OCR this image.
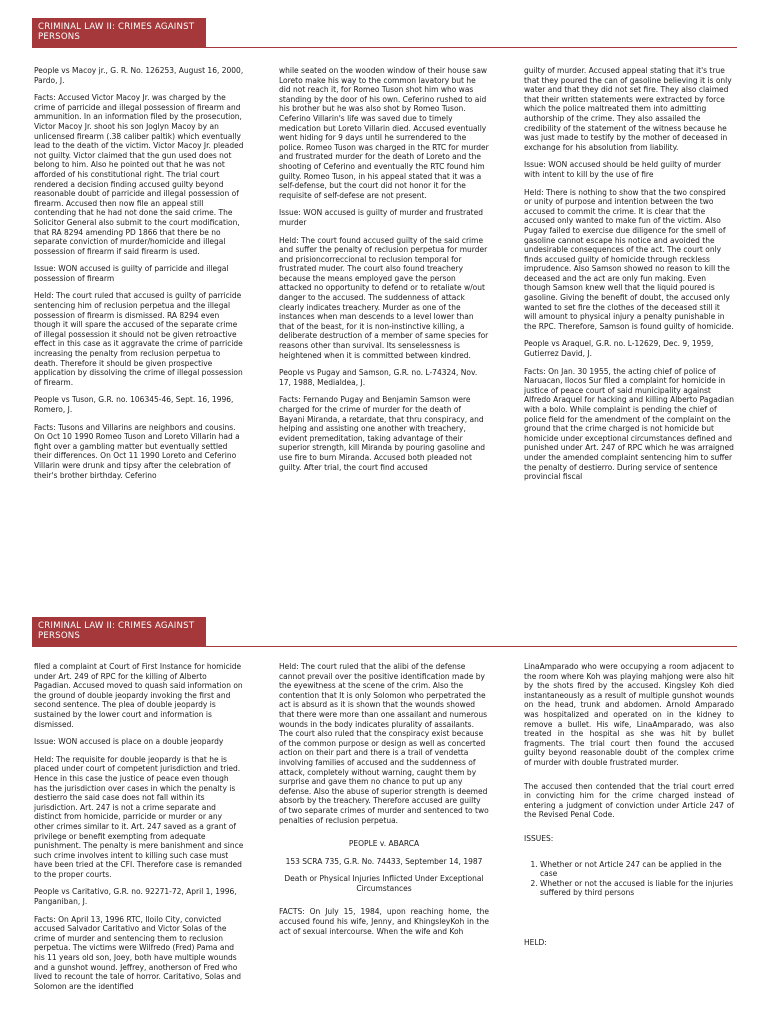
CRIMINAL LAW II: CRIMES AGAINST PERSONS

People vs Macoy jr., G. R. No. 126253, August 16, 2000, Pardo, J.

Facts: Accused Victor Macoy Jr. was charged by the crime of parricide and illegal possession of firearm and ammunition. In an information filed by the prosecution, Victor Macoy Jr. shoot his son Joglyn Macoy by an unlicensed firearm (.38 caliber paltik) which eventually lead to the death of the victim. Victor Macoy Jr. pleaded not guilty. Victor claimed that the gun used does not belong to him. Also he pointed out that he was not afforded of his constitutional right. The trial court rendered a decision finding accused guilty beyond reasonable doubt of parricide and illegal possession of firearm. Accused then now file an appeal still contending that he had not done the said crime. The Solicitor General also submit to the court modification, that RA 8294 amending PD 1866 that there be no separate conviction of murder/homicide and illegal possession of firearm if said firearm is used.

Issue: WON accused is guilty of parricide and illegal possession of firearm

Held: The court ruled that accused is guilty of parricide sentencing him of reclusion perpetua and the illegal possession of firearm is dismissed. RA 8294 even though it will spare the accused of the separate crime of illegal possession it should not be given retroactive effect in this case as it aggravate the crime of parricide increasing the penalty from reclusion perpetua to death. Therefore it should be given prospective application by dissolving the crime of illegal possession of firearm.

People vs Tuson, G.R. no. 106345-46, Sept. 16, 1996, Romero, J.

Facts: Tusons and Villarins are neighbors and cousins. On Oct 10 1990 Romeo Tuson and Loreto Villarin had a fight over a gambling matter but eventually settled their differences. On Oct 11 1990 Loreto and Ceferino Villarin were drunk and tipsy after the celebration of their's brother birthday. Ceferino

while seated on the wooden window of their house saw Loreto make his way to the common lavatory but he did not reach it, for Romeo Tuson shot him who was standing by the door of his own. Ceferino rushed to aid his brother but he was also shot by Romeo Tuson. Ceferino Villarin's life was saved due to timely medication but Loreto Villarin died. Accused eventually went hiding for 9 days until he surrendered to the police. Romeo Tuson was charged in the RTC for murder and frustrated murder for the death of Loreto and the shooting of Ceferino and eventually the RTC found him guilty. Romeo Tuson, in his appeal stated that it was a self-defense, but the court did not honor it for the requisite of self-defese are not present.

Issue: WON accused is guilty of murder and frustrated murder

Held: The court found accused guilty of the said crime and suffer the penalty of reclusion perpetua for murder and prisioncorreccional to reclusion temporal for frustrated muder. The court also found treachery because the means employed gave the person attacked no opportunity to defend or to retaliate w/out danger to the accused. The suddenness of attack clearly indicates treachery. Murder as one of the instances when man descends to a level lower than that of the beast, for it is non-instinctive killing, a deliberate destruction of a member of same species for reasons other than survival. Its senselessness is heightened when it is committed between kindred.

People vs Pugay and Samson, G.R. no. L-74324, Nov. 17, 1988, Medialdea, J.

Facts: Fernando Pugay and Benjamin Samson were charged for the crime of murder for the death of Bayani Miranda, a retardate, that thru conspiracy, and helping and assisting one another with treachery, evident premeditation, taking advantage of their superior strength, kill Miranda by pouring gasoline and use fire to burn Miranda. Accused both pleaded not guilty. After trial, the court find accused

guilty of murder. Accused appeal stating that it's true that they poured the can of gasoline believing it is only water and that they did not set fire. They also claimed that their written statements were extracted by force which the police maltreated them into admitting authorship of the crime. They also assailed the credibility of the statement of the witness because he was just made to testify by the mother of deceased in exchange for his absolution from liability.

Issue: WON accused should be held guilty of murder with intent to kill by the use of fire

Held: There is nothing to show that the two conspired or unity of purpose and intention between the two accused to commit the crime. It is clear that the accused only wanted to make fun of the victim. Also Pugay failed to exercise due diligence for the smell of gasoline cannot escape his notice and avoided the undesirable consequences of the act. The court only finds accused guilty of homicide through reckless imprudence. Also Samson showed no reason to kill the deceased and the act are only fun making. Even though Samson knew well that the liquid poured is gasoline. Giving the benefit of doubt, the accused only wanted to set fire the clothes of the deceased still it will amount to physical injury a penalty punishable in the RPC. Therefore, Samson is found guilty of homicide.

People vs Araquel, G.R. no. L-12629, Dec. 9, 1959, Gutierrez David, J.

Facts: On Jan. 30 1955, the acting chief of police of Naruacan, Ilocos Sur filed a complaint for homicide in justice of peace court of said municipality against Alfredo Araquel for hacking and killing Alberto Pagadian with a bolo. While complaint is pending the chief of police field for the amendment of the complaint on the ground that the crime charged is not homicide but homicide under exceptional circumstances defined and punished under Art. 247 of RPC which he was arraigned under the amended complaint sentencing him to suffer the penalty of destierro. During service of sentence provincial fiscal

CRIMINAL LAW II: CRIMES AGAINST PERSONS

filed a complaint at Court of First Instance for homicide under Art. 249 of RPC for the killing of Alberto Pagadian. Accused moved to quash said information on the ground of double jeopardy invoking the first and second sentence. The plea of double jeopardy is sustained by the lower court and information is dismissed.

Issue: WON accused is place on a double jeopardy

Held: The requisite for double jeopardy is that he is placed under court of competent jurisdiction and tried. Hence in this case the justice of peace even though has the jurisdiction over cases in which the penalty is destierro the said case does not fall within its jurisdiction. Art. 247 is not a crime separate and distinct from homicide, parricide or murder or any other crimes similar to it. Art. 247 saved as a grant of privilege or benefit exempting from adequate punishment. The penalty is mere banishment and since such crime involves intent to killing such case must have been tried at the CFI. Therefore case is remanded to the proper courts.

People vs Caritativo, G.R. no. 92271-72, April 1, 1996, Panganiban, J.

Facts: On April 13, 1996 RTC, Iloilo City, convicted accused Salvador Caritativo and Victor Solas of the crime of murder and sentencing them to reclusion perpetua. The victims were Wilfredo (Fred) Pama and his 11 years old son, Joey, both have multiple wounds and a gunshot wound. Jeffrey, anotherson of Fred who lived to recount the tale of horror. Caritativo, Solas and Solomon are the identified

Held: The court ruled that the alibi of the defense cannot prevail over the positive identification made by the eyewitness at the scene of the crim. Also the contention that It is only Solomon who perpetrated the act is absurd as it is shown that the wounds showed that there were more than one assailant and numerous wounds in the body indicates plurality of assailants. The court also ruled that the conspiracy exist because of the common purpose or design as well as concerted action on their part and there is a trail of vendetta involving families of accused and the suddenness of attack, completely without warning, caught them by surprise and gave them no chance to put up any defense. Also the abuse of superior strength is deemed absorb by the treachery. Therefore accused are guilty of two separate crimes of murder and sentenced to two penalties of reclusion perpetua.

PEOPLE v. ABARCA

153 SCRA 735, G.R. No. 74433, September 14, 1987

Death or Physical Injuries Inflicted Under Exceptional Circumstances

FACTS: On July 15, 1984, upon reaching home, the accused found his wife, Jenny, and KhingsleyKoh in the act of sexual intercourse. When the wife and Koh

LinaAmparado who were occupying a room adjacent to the room where Koh was playing mahjong were also hit by the shots fired by the accused. Kingsley Koh died instantaneously as a result of multiple gunshot wounds on the head, trunk and abdomen. Arnold Amparado was hospitalized and operated on in the kidney to remove a bullet. His wife, LinaAmparado, was also treated in the hospital as she was hit by bullet fragments. The trial court then found the accused guilty beyond reasonable doubt of the complex crime of murder with double frustrated murder.

The accused then contended that the trial court erred in convicting him for the crime charged instead of entering a judgment of conviction under Article 247 of the Revised Penal Code.

ISSUES:

1. Whether or not Article 247 can be applied in the case
2. Whether or not the accused is liable for the injuries suffered by third persons

HELD:
